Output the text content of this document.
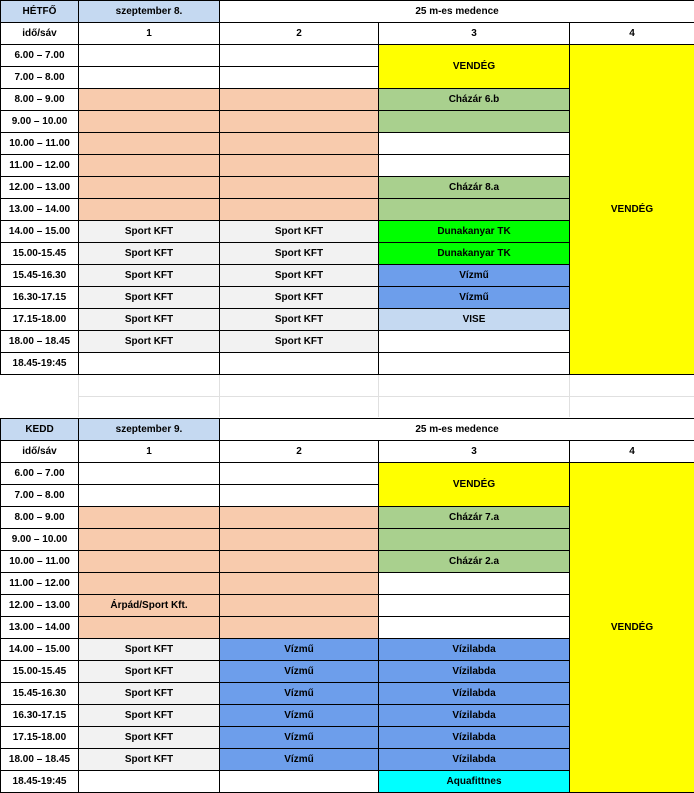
HÉTFŐ	szeptember 8.	25 m-es medence		
idő/sáv	1	2	3	4
6.00 – 7.00			VENDÉG	VENDÉG
7.00 – 8.00				
8.00 – 9.00			Cházár 6.b	
9.00 – 10.00				
10.00 – 11.00				
11.00 – 12.00				
12.00 – 13.00			Cházár 8.a	
13.00 – 14.00				
14.00 – 15.00	Sport KFT	Sport KFT	Dunakanyar TK	
15.00-15.45	Sport KFT	Sport KFT	Dunakanyar TK	
15.45-16.30	Sport KFT	Sport KFT	Vízmű	
16.30-17.15	Sport KFT	Sport KFT	Vízmű	
17.15-18.00	Sport KFT	Sport KFT	VISE	
18.00 – 18.45	Sport KFT	Sport KFT		
18.45-19:45				
KEDD	szeptember 9.	25 m-es medence		
idő/sáv	1	2	3	4
6.00 – 7.00			VENDÉG	VENDÉG
7.00 – 8.00				
8.00 – 9.00			Cházár 7.a	
9.00 – 10.00				
10.00 – 11.00			Cházár 2.a	
11.00 – 12.00				
12.00 – 13.00	Árpád/Sport Kft.			
13.00 – 14.00				
14.00 – 15.00	Sport KFT	Vízmű	Vízilabda	
15.00-15.45	Sport KFT	Vízmű	Vízilabda	
15.45-16.30	Sport KFT	Vízmű	Vízilabda	
16.30-17.15	Sport KFT	Vízmű	Vízilabda	
17.15-18.00	Sport KFT	Vízmű	Vízilabda	
18.00 – 18.45	Sport KFT	Vízmű	Vízilabda	
18.45-19:45			Aquafittnes	
